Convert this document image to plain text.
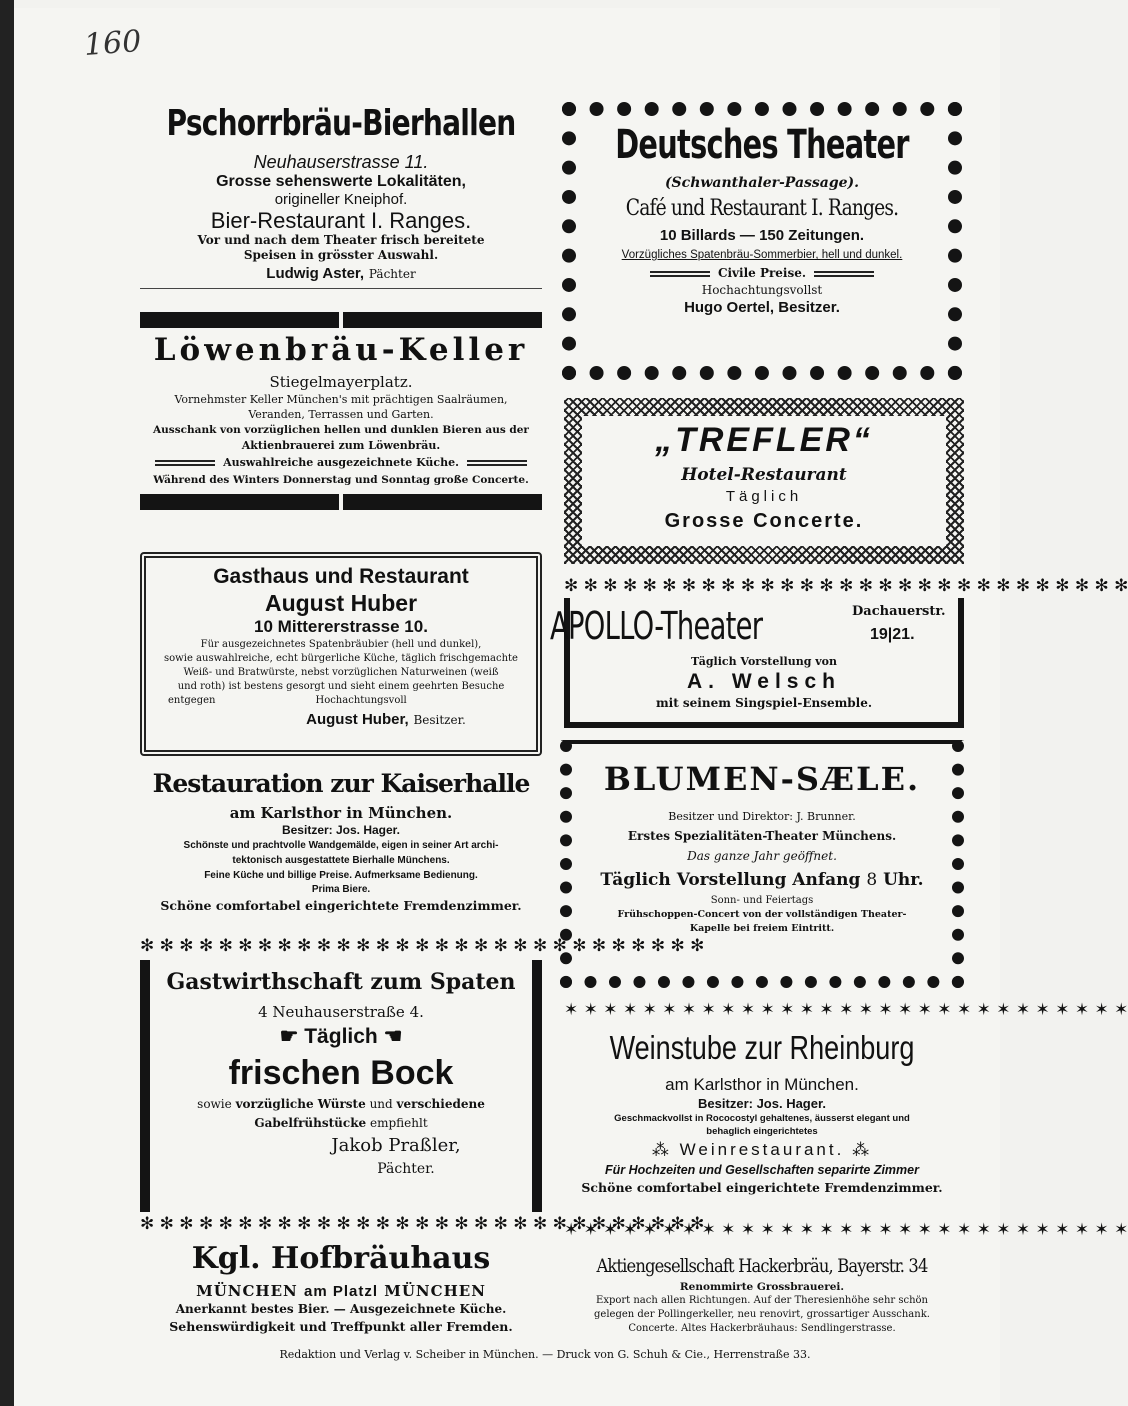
160
Pschorrbräu-Bierhallen
Neuhauserstrasse 11.
Grosse sehenswerte Lokalitäten,
origineller Kneiphof.
Bier-Restaurant I. Ranges.
Vor und nach dem Theater frisch bereitete
Speisen in grösster Auswahl.
Ludwig Aster, Pächter
Löwenbräu-Keller
Stiegelmayerplatz.
Vornehmster Keller München's mit prächtigen Saalräumen,
Veranden, Terrassen und Garten.
Ausschank von vorzüglichen hellen und dunklen Bieren aus der
Aktienbrauerei zum Löwenbräu.
Auswahlreiche ausgezeichnete Küche.
Während des Winters Donnerstag und Sonntag große Concerte.
Gasthaus und Restaurant
August Huber
10 Mittererstrasse 10.
Für ausgezeichnetes Spatenbräubier (hell und dunkel),
sowie auswahlreiche, echt bürgerliche Küche, täglich frischgemachte
Weiß- und Bratwürste, nebst vorzüglichen Naturweinen (weiß
und roth) ist bestens gesorgt und sieht einem geehrten Besuche
entgegen	Hochachtungsvoll
August Huber, Besitzer.
Restauration zur Kaiserhalle
am Karlsthor in München.
Besitzer: Jos. Hager.
Schönste und prachtvolle Wandgemälde, eigen in seiner Art archi-
tektonisch ausgestattete Bierhalle Münchens.
Feine Küche und billige Preise. Aufmerksame Bedienung.
Prima Biere.
Schöne comfortabel eingerichtete Fremdenzimmer.
✻ ✻ ✻ ✻ ✻ ✻ ✻ ✻ ✻ ✻ ✻ ✻ ✻ ✻ ✻ ✻ ✻ ✻ ✻ ✻ ✻ ✻ ✻ ✻ ✻ ✻ ✻ ✻ ✻
Gastwirthschaft zum Spaten
4 Neuhauserstraße 4.
☛ Täglich ☚
frischen Bock
sowie vorzügliche Würste und verschiedene
Gabelfrühstücke empfiehlt
Jakob Praßler,
Pächter.
✻ ✻ ✻ ✻ ✻ ✻ ✻ ✻ ✻ ✻ ✻ ✻ ✻ ✻ ✻ ✻ ✻ ✻ ✻ ✻ ✻ ✻ ✻ ✻ ✻ ✻ ✻ ✻ ✻
Kgl. Hofbräuhaus
MÜNCHEN am Platzl MÜNCHEN
Anerkannt bestes Bier. — Ausgezeichnete Küche.
Sehenswürdigkeit und Treffpunkt aller Fremden.
Deutsches Theater
(Schwanthaler-Passage).
Café und Restaurant I. Ranges.
10 Billards — 150 Zeitungen.
Vorzügliches Spatenbräu-Sommerbier, hell und dunkel.
Civile Preise.
Hochachtungsvollst
Hugo Oertel, Besitzer.
„TREFLER“
Hotel-Restaurant
Täglich
Grosse Concerte.
✻ ✻ ✻ ✻ ✻ ✻ ✻ ✻ ✻ ✻ ✻ ✻ ✻ ✻ ✻ ✻ ✻ ✻ ✻ ✻ ✻ ✻ ✻ ✻ ✻ ✻ ✻ ✻ ✻
APOLLO-Theater	Dachauerstr.
19|21.
Täglich Vorstellung von
A. Welsch
mit seinem Singspiel-Ensemble.
BLUMEN-SÆLE.
Besitzer und Direktor: J. Brunner.
Erstes Spezialitäten-Theater Münchens.
Das ganze Jahr geöffnet.
Täglich Vorstellung Anfang 8 Uhr.
Sonn- und Feiertags
Frühschoppen-Concert von der vollständigen Theater-
Kapelle bei freiem Eintritt.
✶ ✶ ✶ ✶ ✶ ✶ ✶ ✶ ✶ ✶ ✶ ✶ ✶ ✶ ✶ ✶ ✶ ✶ ✶ ✶ ✶ ✶ ✶ ✶ ✶ ✶ ✶ ✶ ✶
Weinstube zur Rheinburg
am Karlsthor in München.
Besitzer: Jos. Hager.
Geschmackvollst in Rococostyl gehaltenes, äusserst elegant und
behaglich eingerichtetes
⁂ Weinrestaurant. ⁂
Für Hochzeiten und Gesellschaften separirte Zimmer
Schöne comfortabel eingerichtete Fremdenzimmer.
✶ ✶ ✶ ✶ ✶ ✶ ✶ ✶ ✶ ✶ ✶ ✶ ✶ ✶ ✶ ✶ ✶ ✶ ✶ ✶ ✶ ✶ ✶ ✶ ✶ ✶ ✶ ✶ ✶
Aktiengesellschaft Hackerbräu, Bayerstr. 34
Renommirte Grossbrauerei.
Export nach allen Richtungen. Auf der Theresienhöhe sehr schön
gelegen der Pollingerkeller, neu renovirt, grossartiger Ausschank.
Concerte. Altes Hackerbräuhaus: Sendlingerstrasse.
Redaktion und Verlag v. Scheiber in München. — Druck von G. Schuh & Cie., Herrenstraße 33.
